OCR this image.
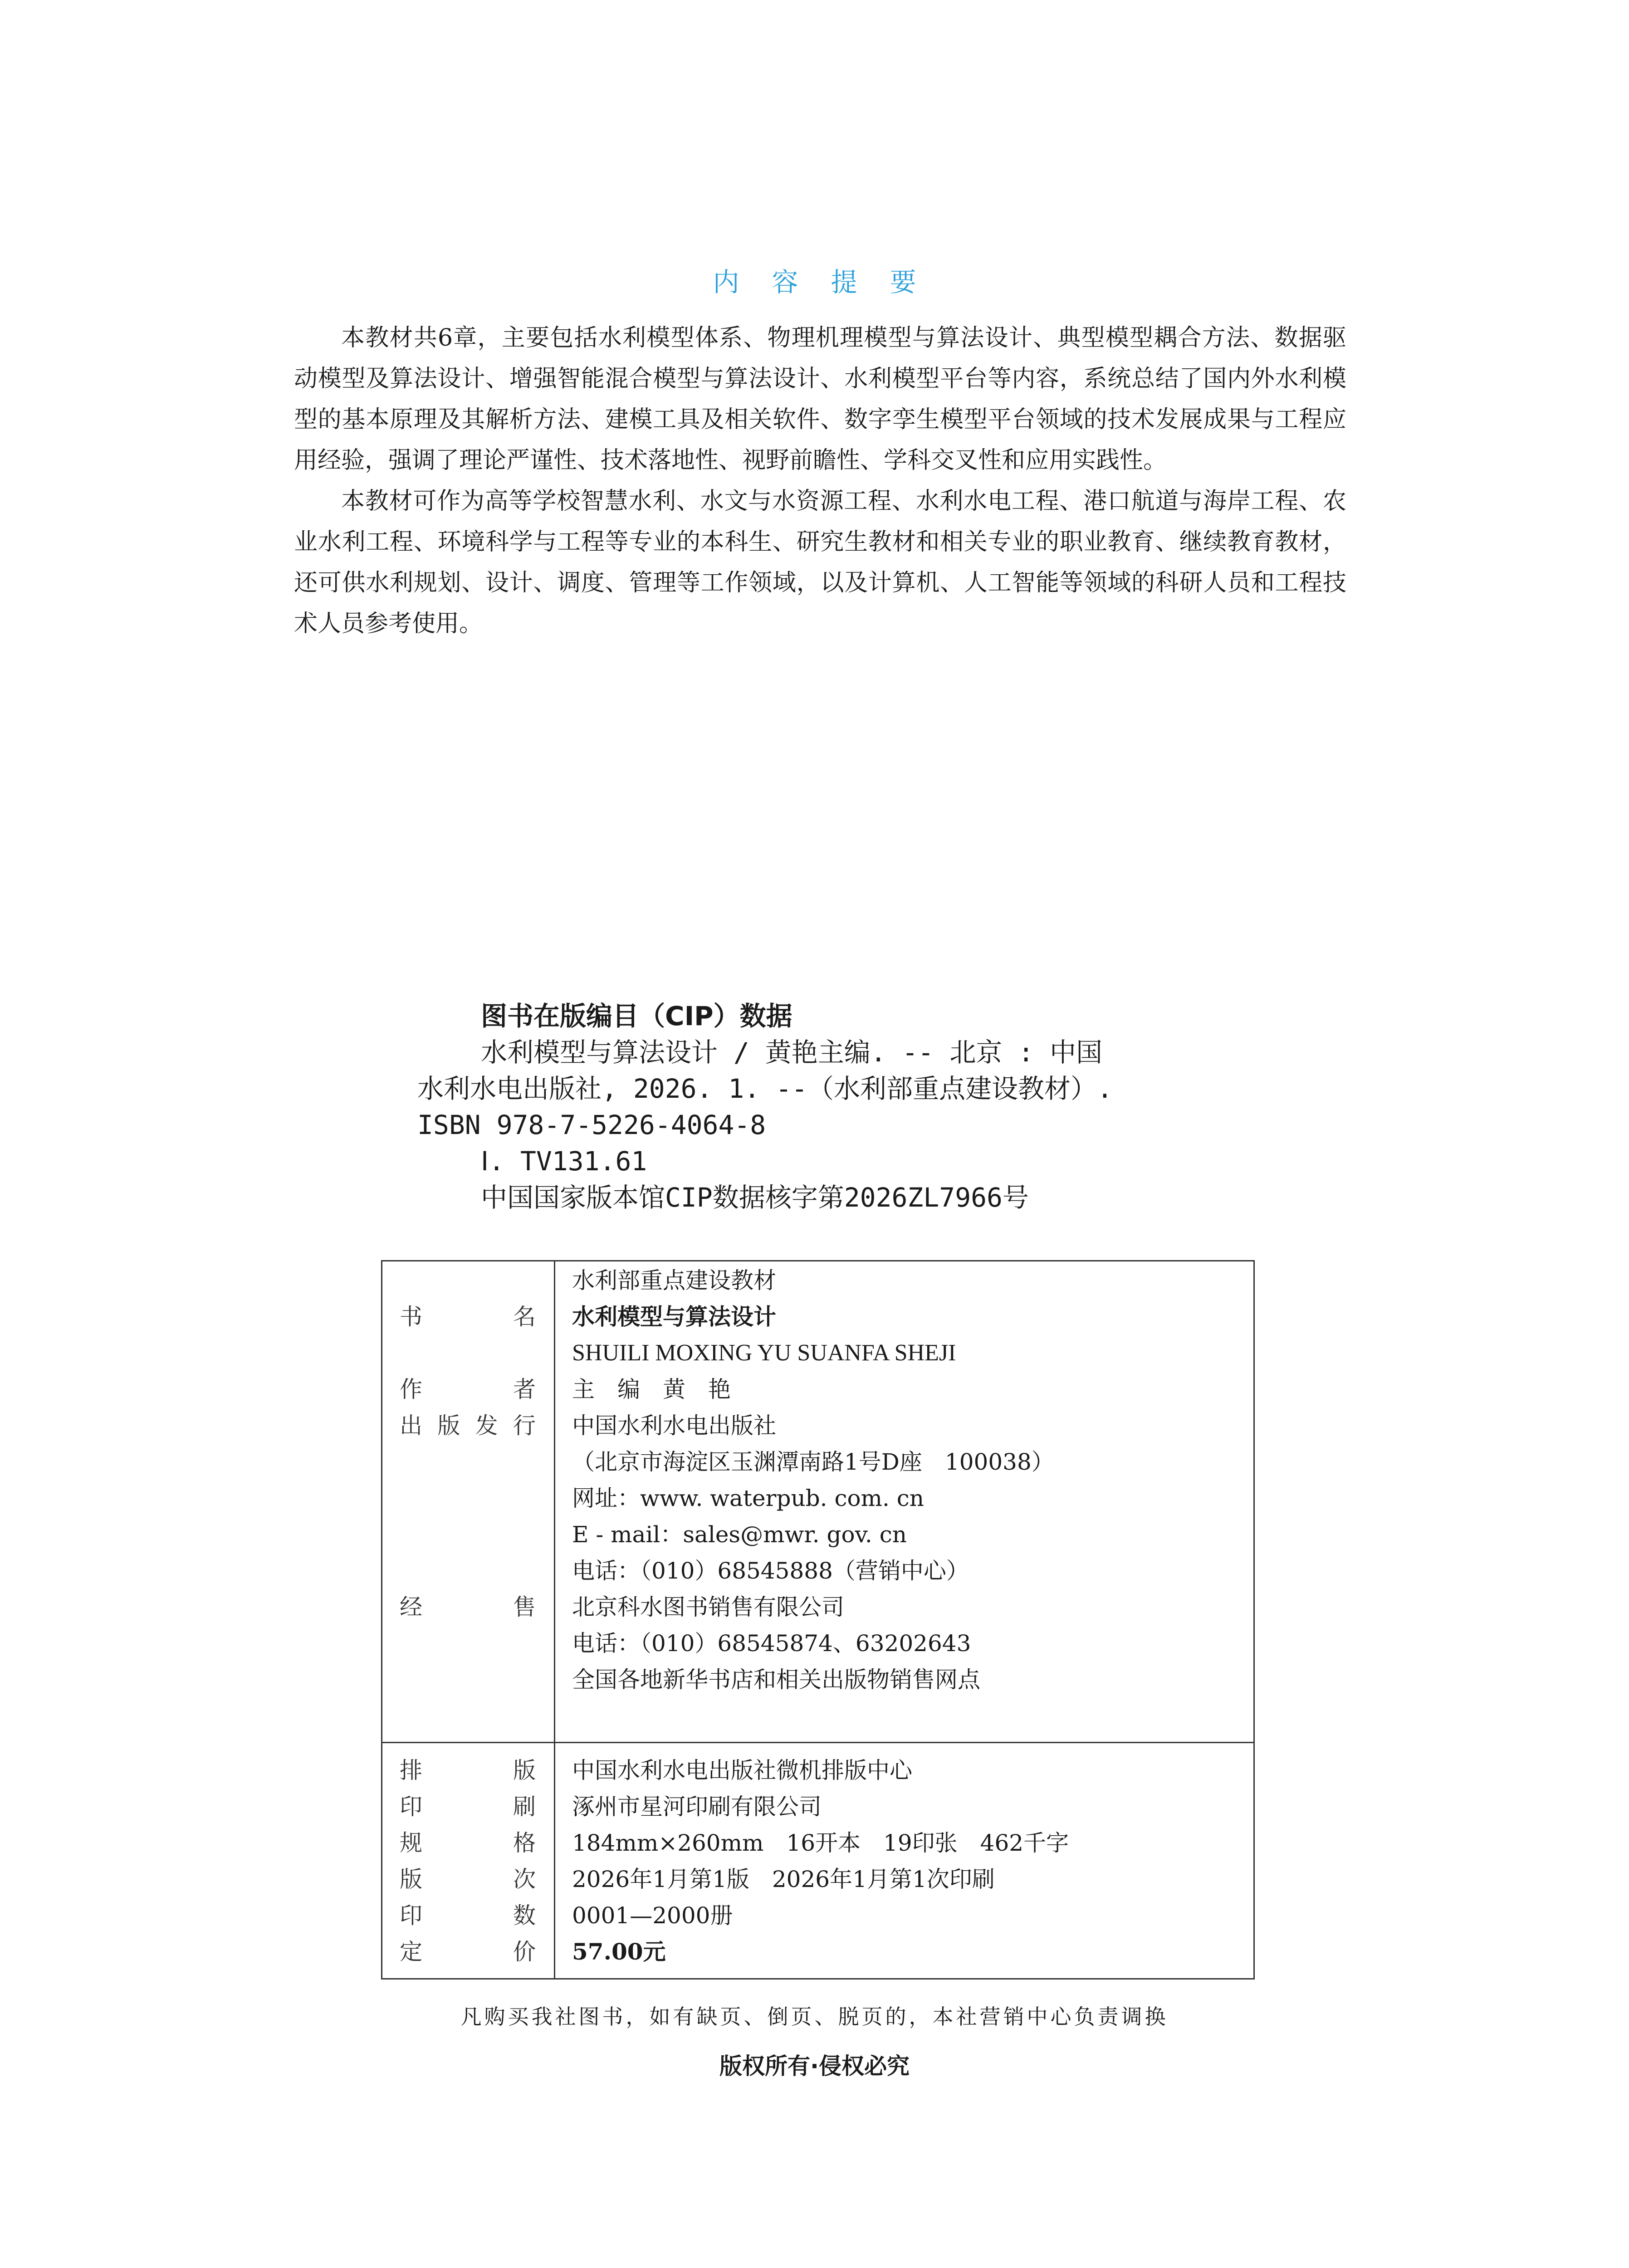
内 容 提 要

本教材共6章，主要包括水利模型体系、物理机理模型与算法设计、典型模型耦合方法、数据驱动模型及算法设计、增强智能混合模型与算法设计、水利模型平台等内容，系统总结了国内外水利模型的基本原理及其解析方法、建模工具及相关软件、数字孪生模型平台领域的技术发展成果与工程应用经验，强调了理论严谨性、技术落地性、视野前瞻性、学科交叉性和应用实践性。

本教材可作为高等学校智慧水利、水文与水资源工程、水利水电工程、港口航道与海岸工程、农业水利工程、环境科学与工程等专业的本科生、研究生教材和相关专业的职业教育、继续教育教材，还可供水利规划、设计、调度、管理等工作领域，以及计算机、人工智能等领域的科研人员和工程技术人员参考使用。

图书在版编目（CIP）数据
水利模型与算法设计 / 黄艳主编. -- 北京 : 中国
水利水电出版社, 2026. 1. --（水利部重点建设教材）.
ISBN 978-7-5226-4064-8
Ⅰ. TV131.61
中国国家版本馆CIP数据核字第2026ZL7966号
水利部重点建设教材
书	名 水利模型与算法设计
SHUILI MOXING YU SUANFA SHEJI
作	者 主　编　黄　艳
出 版 发 行 中国水利水电出版社
（北京市海淀区玉渊潭南路1号D座　100038）
网址：www. waterpub. com. cn
E - mail：sales@mwr. gov. cn
电话：（010）68545888（营销中心）
经	售 北京科水图书销售有限公司
电话：（010）68545874、63202643
全国各地新华书店和相关出版物销售网点
排	版 中国水利水电出版社微机排版中心
印	刷 涿州市星河印刷有限公司
规	格 184mm×260mm　16开本　19印张　462千字
版	次 2026年1月第1版　2026年1月第1次印刷
印	数 0001—2000册
定	价 57.00元
凡购买我社图书，如有缺页、倒页、脱页的，本社营销中心负责调换
版权所有·侵权必究
